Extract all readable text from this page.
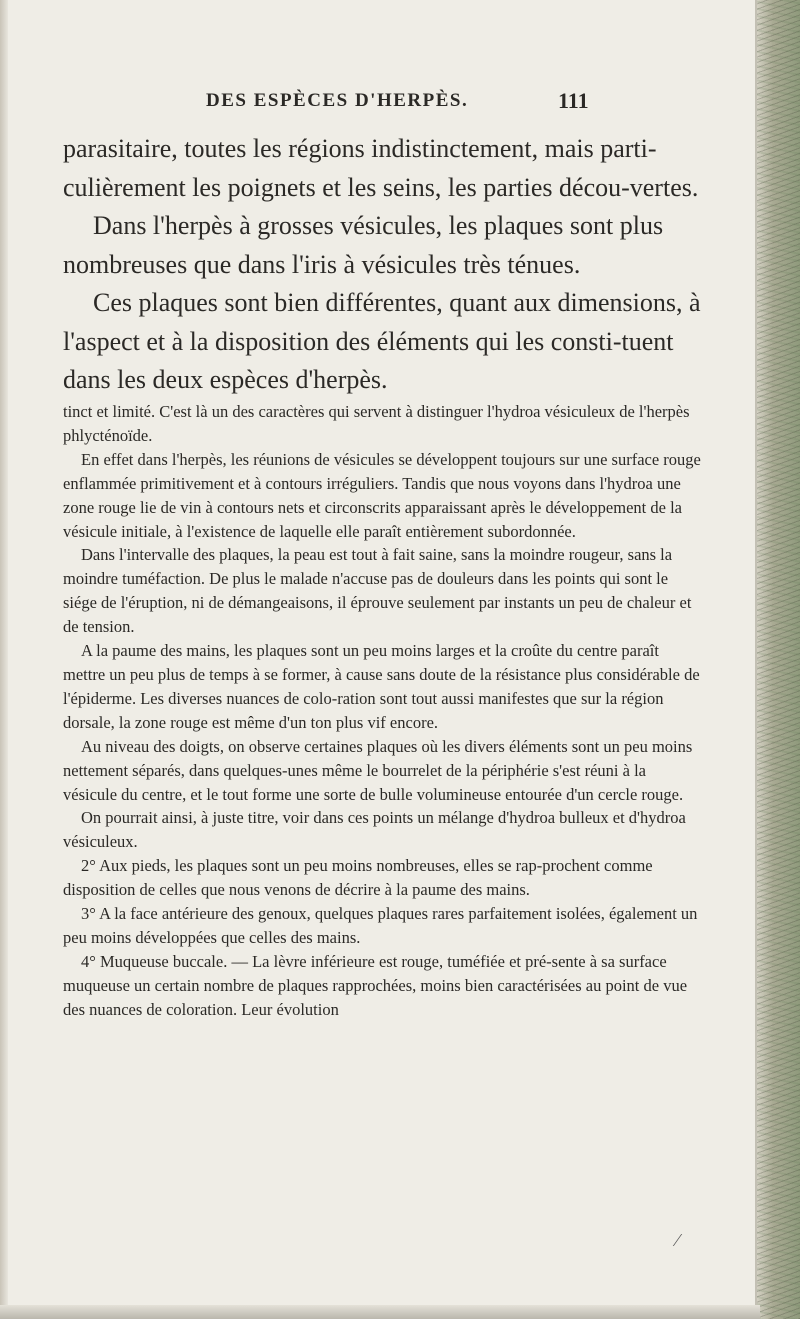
DES ESPÈCES D'HERPÈS.	111

parasitaire, toutes les régions indistinctement, mais parti-culièrement les poignets et les seins, les parties décou-vertes.

Dans l'herpès à grosses vésicules, les plaques sont plus nombreuses que dans l'iris à vésicules très ténues.

Ces plaques sont bien différentes, quant aux dimensions, à l'aspect et à la disposition des éléments qui les consti-tuent dans les deux espèces d'herpès.

tinct et limité. C'est là un des caractères qui servent à distinguer l'hydroa vésiculeux de l'herpès phlycténoïde.

En effet dans l'herpès, les réunions de vésicules se développent toujours sur une surface rouge enflammée primitivement et à contours irréguliers. Tandis que nous voyons dans l'hydroa une zone rouge lie de vin à contours nets et circonscrits apparaissant après le développement de la vésicule initiale, à l'existence de laquelle elle paraît entièrement subordonnée.

Dans l'intervalle des plaques, la peau est tout à fait saine, sans la moindre rougeur, sans la moindre tuméfaction. De plus le malade n'accuse pas de douleurs dans les points qui sont le siége de l'éruption, ni de démangeaisons, il éprouve seulement par instants un peu de chaleur et de tension.

A la paume des mains, les plaques sont un peu moins larges et la croûte du centre paraît mettre un peu plus de temps à se former, à cause sans doute de la résistance plus considérable de l'épiderme. Les diverses nuances de colo-ration sont tout aussi manifestes que sur la région dorsale, la zone rouge est même d'un ton plus vif encore.

Au niveau des doigts, on observe certaines plaques où les divers éléments sont un peu moins nettement séparés, dans quelques-unes même le bourrelet de la périphérie s'est réuni à la vésicule du centre, et le tout forme une sorte de bulle volumineuse entourée d'un cercle rouge.

On pourrait ainsi, à juste titre, voir dans ces points un mélange d'hydroa bulleux et d'hydroa vésiculeux.

2° Aux pieds, les plaques sont un peu moins nombreuses, elles se rap-prochent comme disposition de celles que nous venons de décrire à la paume des mains.

3° A la face antérieure des genoux, quelques plaques rares parfaitement isolées, également un peu moins développées que celles des mains.

4° Muqueuse buccale. — La lèvre inférieure est rouge, tuméfiée et pré-sente à sa surface muqueuse un certain nombre de plaques rapprochées, moins bien caractérisées au point de vue des nuances de coloration. Leur évolution

⁄
